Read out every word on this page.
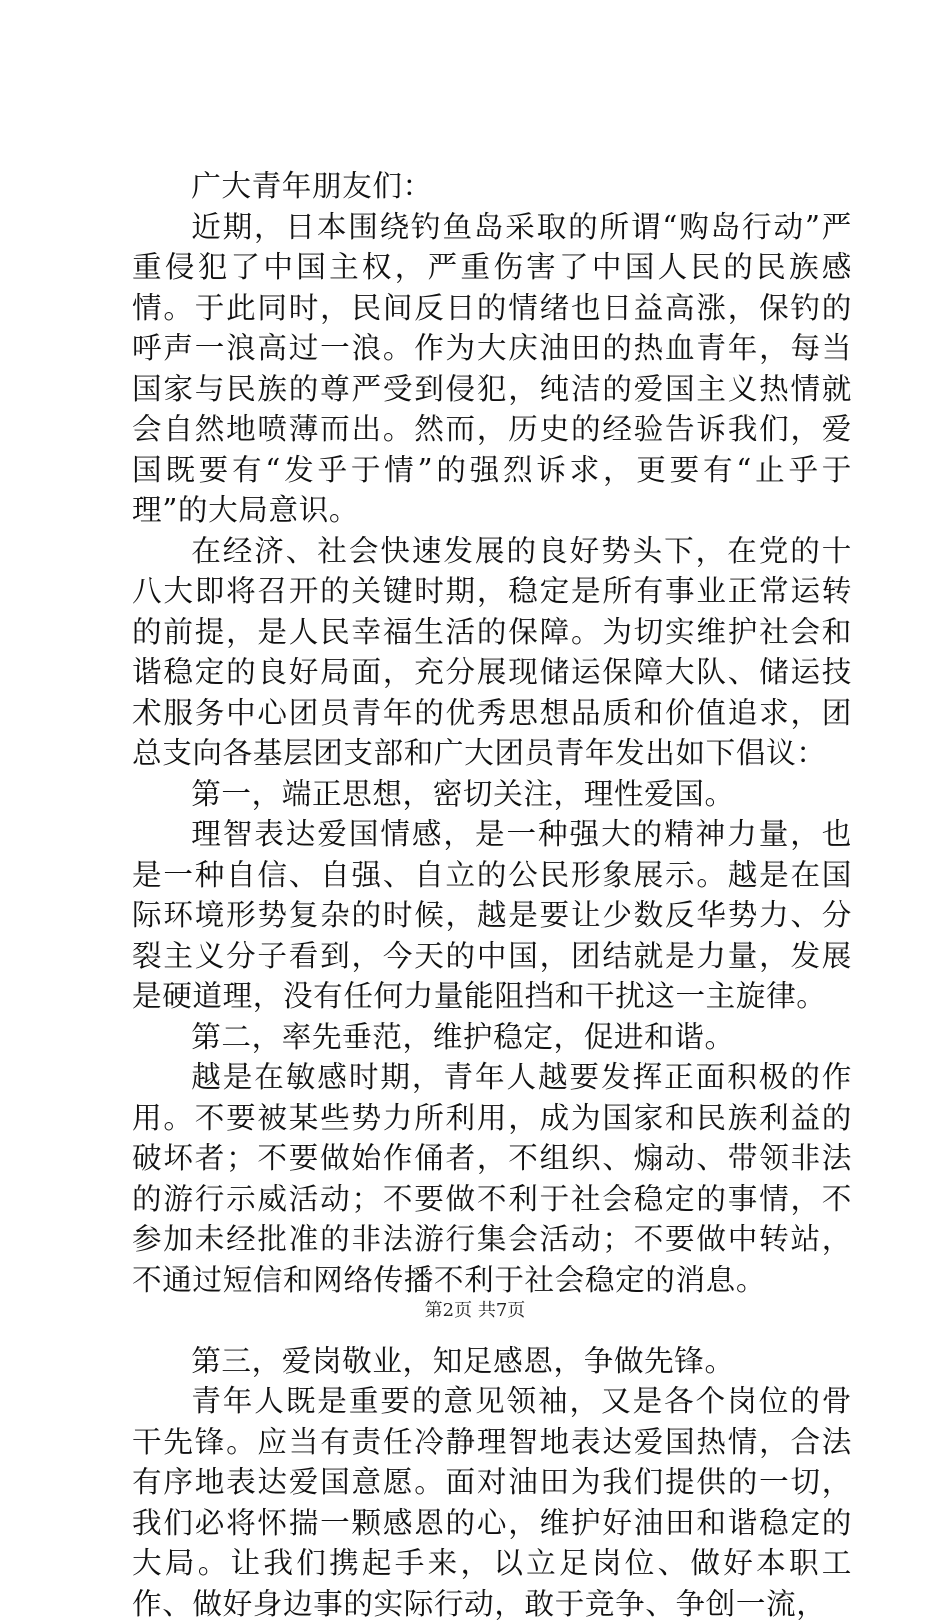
广大青年朋友们：

近期，日本围绕钓鱼岛采取的所谓“购岛行动”严重侵犯了中国主权，严重伤害了中国人民的民族感情。于此同时，民间反日的情绪也日益高涨，保钓的呼声一浪高过一浪。作为大庆油田的热血青年，每当国家与民族的尊严受到侵犯，纯洁的爱国主义热情就会自然地喷薄而出。然而，历史的经验告诉我们，爱国既要有“发乎于情”的强烈诉求，更要有“止乎于理”的大局意识。

在经济、社会快速发展的良好势头下，在党的十八大即将召开的关键时期，稳定是所有事业正常运转的前提，是人民幸福生活的保障。为切实维护社会和谐稳定的良好局面，充分展现储运保障大队、储运技术服务中心团员青年的优秀思想品质和价值追求，团总支向各基层团支部和广大团员青年发出如下倡议：

第一，端正思想，密切关注，理性爱国。

理智表达爱国情感，是一种强大的精神力量，也是一种自信、自强、自立的公民形象展示。越是在国际环境形势复杂的时候，越是要让少数反华势力、分裂主义分子看到，今天的中国，团结就是力量，发展是硬道理，没有任何力量能阻挡和干扰这一主旋律。

第二，率先垂范，维护稳定，促进和谐。

越是在敏感时期，青年人越要发挥正面积极的作用。不要被某些势力所利用，成为国家和民族利益的破坏者；不要做始作俑者，不组织、煽动、带领非法的游行示威活动；不要做不利于社会稳定的事情，不参加未经批准的非法游行集会活动；不要做中转站，不通过短信和网络传播不利于社会稳定的消息。

第三，爱岗敬业，知足感恩，争做先锋。

青年人既是重要的意见领袖，又是各个岗位的骨干先锋。应当有责任冷静理智地表达爱国热情，合法有序地表达爱国意愿。面对油田为我们提供的一切，我们必将怀揣一颗感恩的心，维护好油田和谐稳定的大局。让我们携起手来，以立足岗位、做好本职工作、做好身边事的实际行动，敢于竞争、争创一流，

第2页 共7页
